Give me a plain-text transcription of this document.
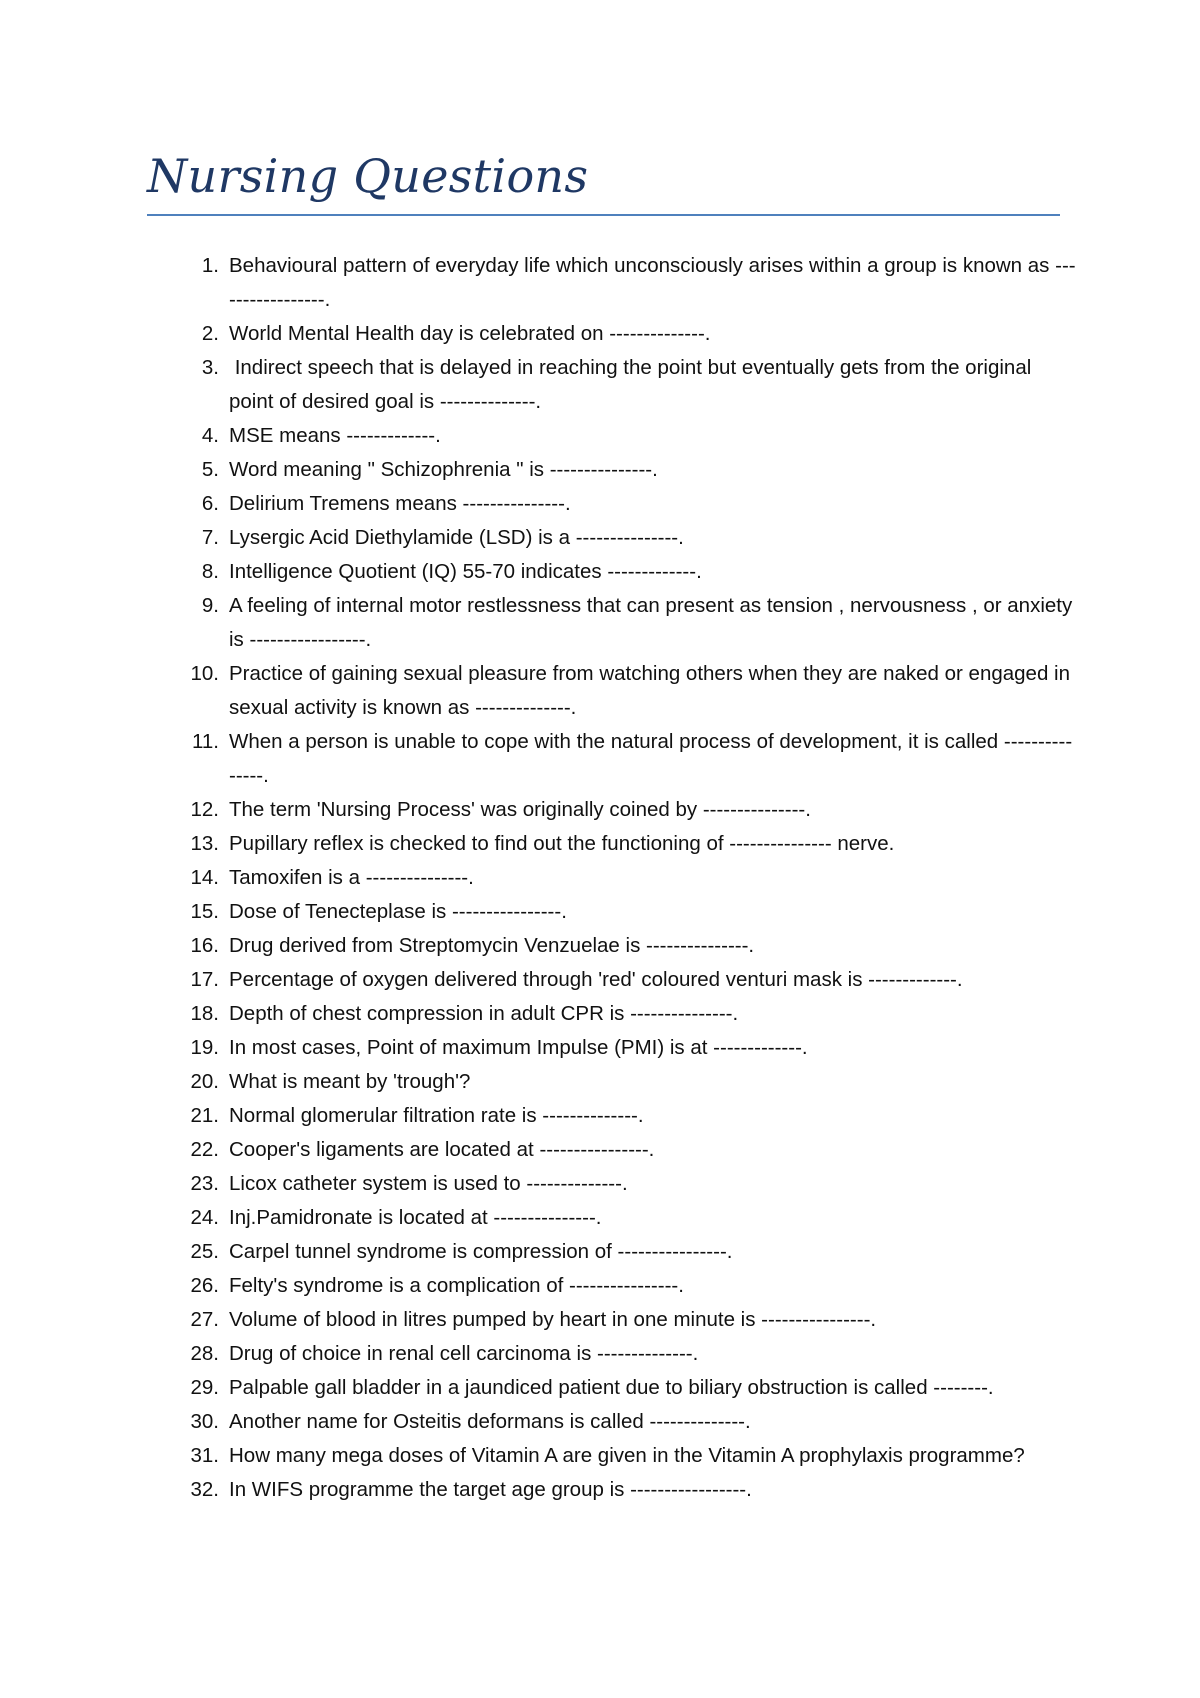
Nursing Questions
1. Behavioural pattern of everyday life which unconsciously arises within a group is known as -----------------.
2. World Mental Health day is celebrated on --------------.
3. Indirect speech that is delayed in reaching the point but eventually gets from the original point of desired goal is --------------.
4. MSE means -------------.
5. Word meaning " Schizophrenia " is ---------------.
6. Delirium Tremens means ---------------.
7. Lysergic Acid Diethylamide (LSD) is a ---------------.
8. Intelligence Quotient (IQ) 55-70 indicates -------------.
9. A feeling of internal motor restlessness that can present as tension , nervousness , or anxiety is -----------------.
10. Practice of gaining sexual pleasure from watching others when they are naked or engaged in sexual activity is known as --------------.
11. When a person is unable to cope with the natural process of development, it is called ---------------.
12. The term 'Nursing Process' was originally coined by ---------------.
13. Pupillary reflex is checked to find out the functioning of --------------- nerve.
14. Tamoxifen is a ---------------.
15. Dose of Tenecteplase is ----------------.
16. Drug derived from Streptomycin Venzuelae is ---------------.
17. Percentage of oxygen delivered through 'red' coloured venturi mask is -------------.
18. Depth of chest compression in adult CPR is ---------------.
19. In most cases, Point of maximum Impulse (PMI) is at -------------.
20. What is meant by 'trough'?
21. Normal glomerular filtration rate is --------------.
22. Cooper's ligaments are located at ----------------.
23. Licox catheter system is used to --------------.
24. Inj.Pamidronate is located at ---------------.
25. Carpel tunnel syndrome is compression of ----------------.
26. Felty's syndrome is a complication of ----------------.
27. Volume of blood in litres pumped by heart in one minute is ----------------.
28. Drug of choice in renal cell carcinoma is --------------.
29. Palpable gall bladder in a jaundiced patient due to biliary obstruction is called --------.
30. Another name for Osteitis deformans is called --------------.
31. How many mega doses of Vitamin A are given in the Vitamin A prophylaxis programme?
32. In WIFS programme the target age group is -----------------.
